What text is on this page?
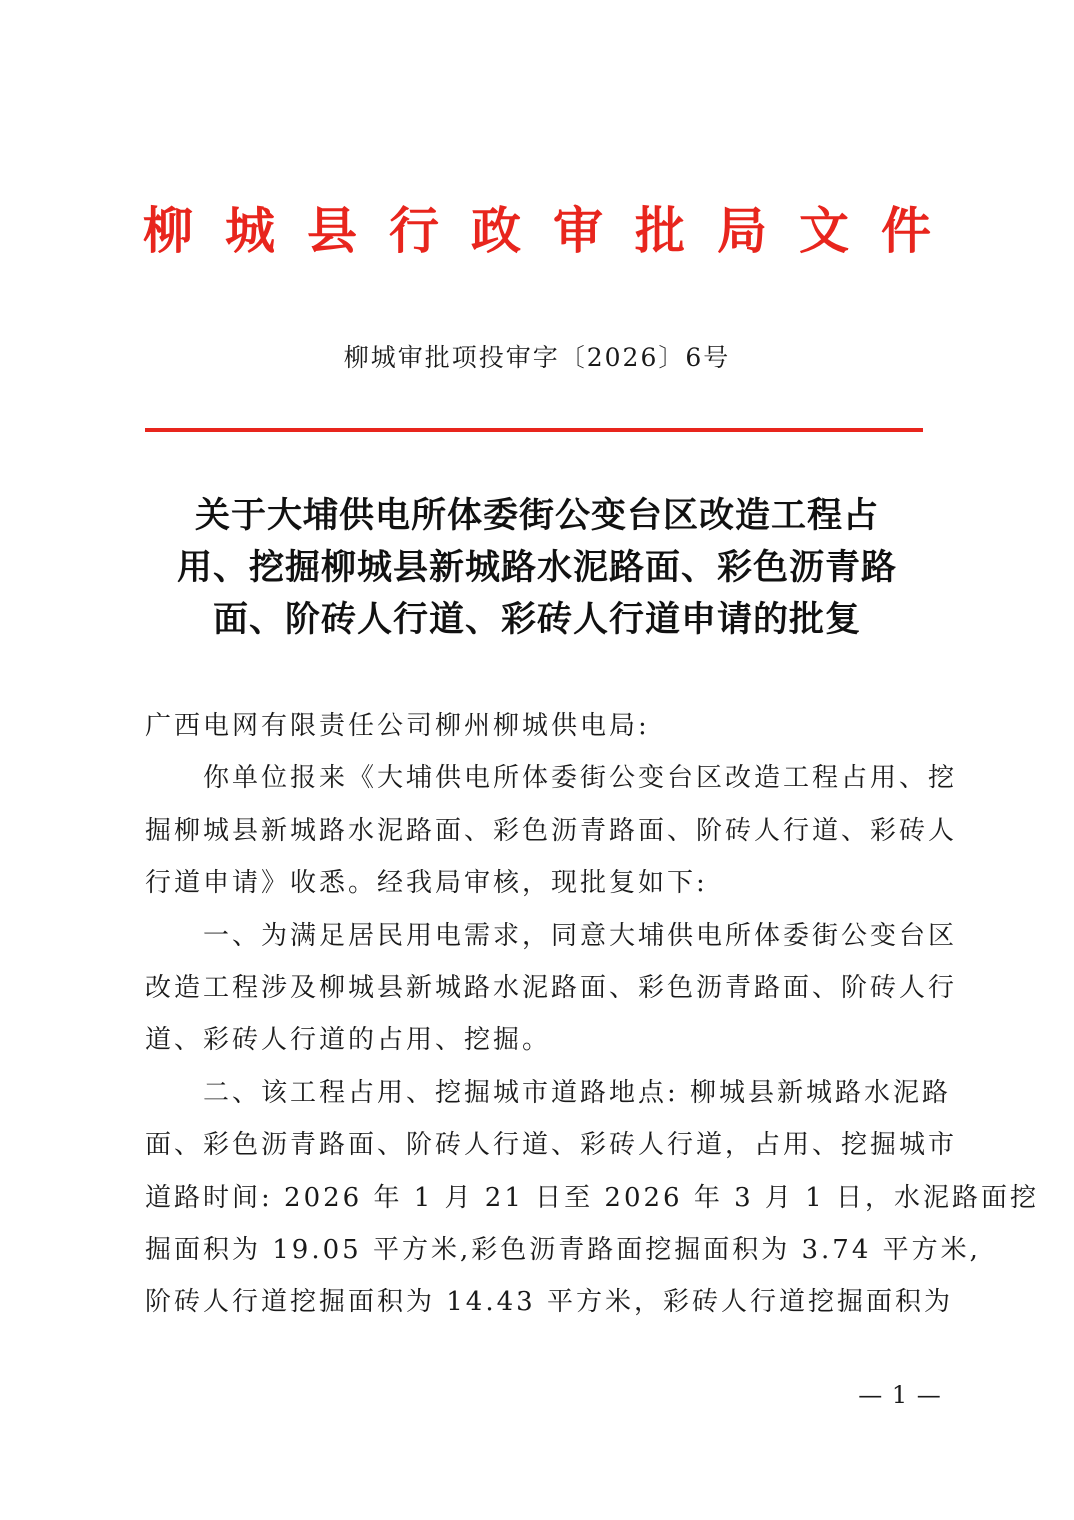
柳城县行政审批局文件
柳城审批项投审字〔2026〕6号
关于大埔供电所体委街公变台区改造工程占
用、挖掘柳城县新城路水泥路面、彩色沥青路
面、阶砖人行道、彩砖人行道申请的批复
广西电网有限责任公司柳州柳城供电局:
你单位报来《大埔供电所体委街公变台区改造工程占用、挖
掘柳城县新城路水泥路面、彩色沥青路面、阶砖人行道、彩砖人
行道申请》收悉。经我局审核，现批复如下:
一、为满足居民用电需求，同意大埔供电所体委街公变台区
改造工程涉及柳城县新城路水泥路面、彩色沥青路面、阶砖人行
道、彩砖人行道的占用、挖掘。
二、该工程占用、挖掘城市道路地点: 柳城县新城路水泥路
面、彩色沥青路面、阶砖人行道、彩砖人行道，占用、挖掘城市
道路时间: 2026 年 1 月 21 日至 2026 年 3 月 1 日，水泥路面挖
掘面积为 19.05 平方米,彩色沥青路面挖掘面积为 3.74 平方米,
阶砖人行道挖掘面积为 14.43 平方米，彩砖人行道挖掘面积为
— 1 —
